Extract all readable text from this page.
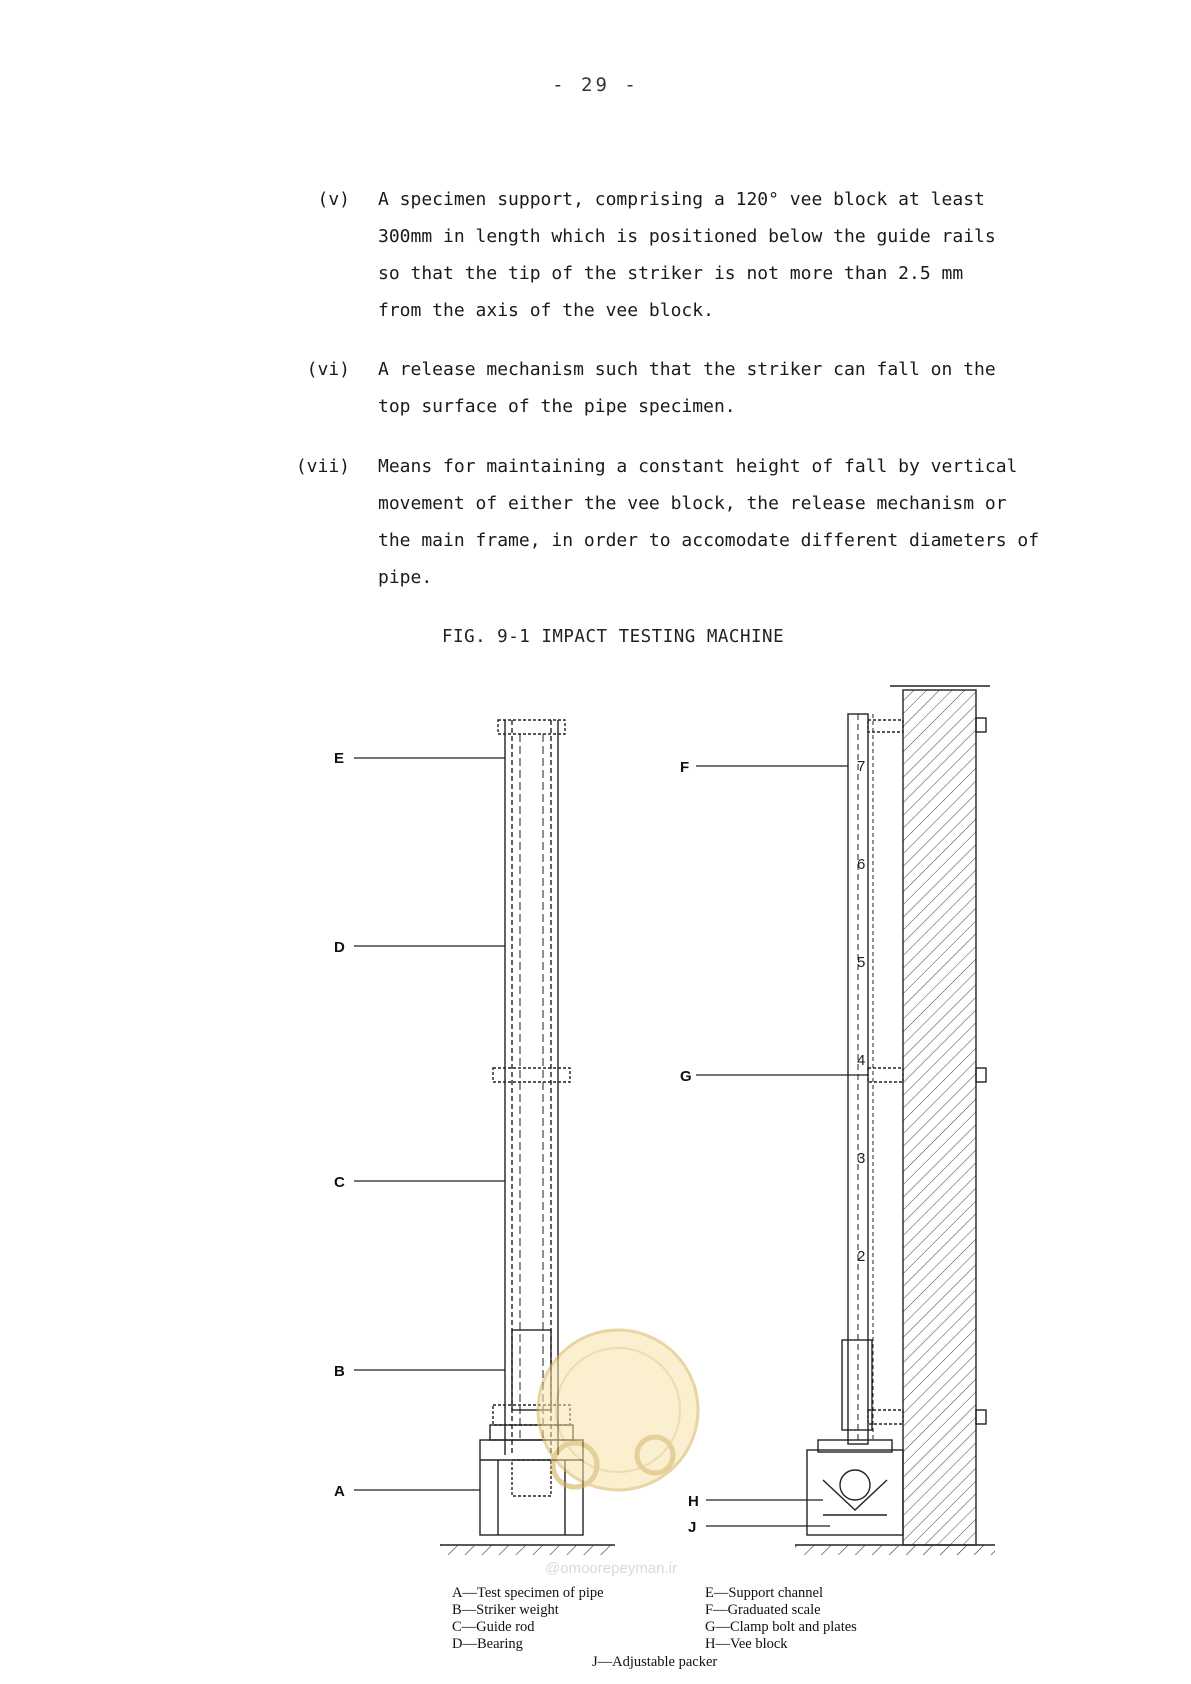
- 29 -
(v) A specimen support, comprising a 120° vee block at least
300mm in length which is positioned below the guide rails
so that the tip of the striker is not more than 2.5 mm
from the axis of the vee block.

(vi) A release mechanism such that the striker can fall on the
top surface of the pipe specimen.

(vii) Means for maintaining a constant height of fall by vertical
movement of either the vee block, the release mechanism or
the main frame, in order to accomodate different diameters of
pipe.

FIG. 9-1 IMPACT TESTING MACHINE
E
D
C
B
A
7
6
5
4
3
2
F
G
H
J
@omoorepeyman.ir
A—Test specimen of pipe
B—Striker weight
C—Guide rod
D—Bearing
E—Support channel
F—Graduated scale
G—Clamp bolt and plates
H—Vee block
J—Adjustable packer
